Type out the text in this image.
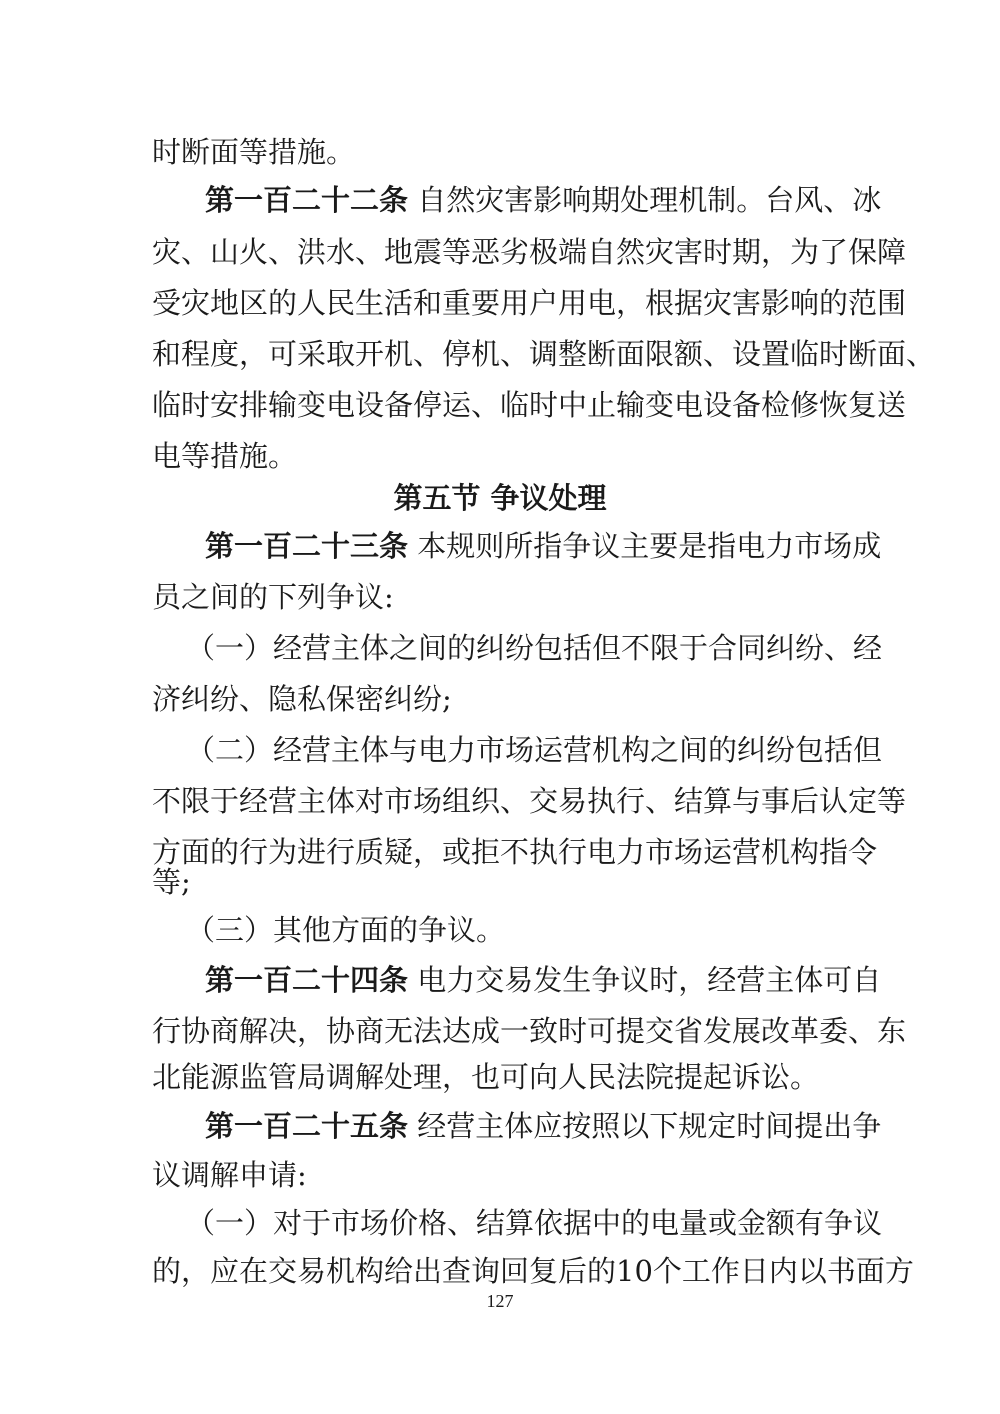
时断面等措施。
第一百二十二条 自然灾害影响期处理机制。台风、冰
灾、山火、洪水、地震等恶劣极端自然灾害时期，为了保障
受灾地区的人民生活和重要用户用电，根据灾害影响的范围
和程度，可采取开机、停机、调整断面限额、设置临时断面、
临时安排输变电设备停运、临时中止输变电设备检修恢复送
电等措施。
第五节 争议处理
第一百二十三条 本规则所指争议主要是指电力市场成
员之间的下列争议:
（一）经营主体之间的纠纷包括但不限于合同纠纷、经
济纠纷、隐私保密纠纷;
（二）经营主体与电力市场运营机构之间的纠纷包括但
不限于经营主体对市场组织、交易执行、结算与事后认定等
方面的行为进行质疑，或拒不执行电力市场运营机构指令
等;
（三）其他方面的争议。
第一百二十四条 电力交易发生争议时，经营主体可自
行协商解决，协商无法达成一致时可提交省发展改革委、东
北能源监管局调解处理，也可向人民法院提起诉讼。
第一百二十五条 经营主体应按照以下规定时间提出争
议调解申请:
（一）对于市场价格、结算依据中的电量或金额有争议
的，应在交易机构给出查询回复后的10个工作日内以书面方
127
